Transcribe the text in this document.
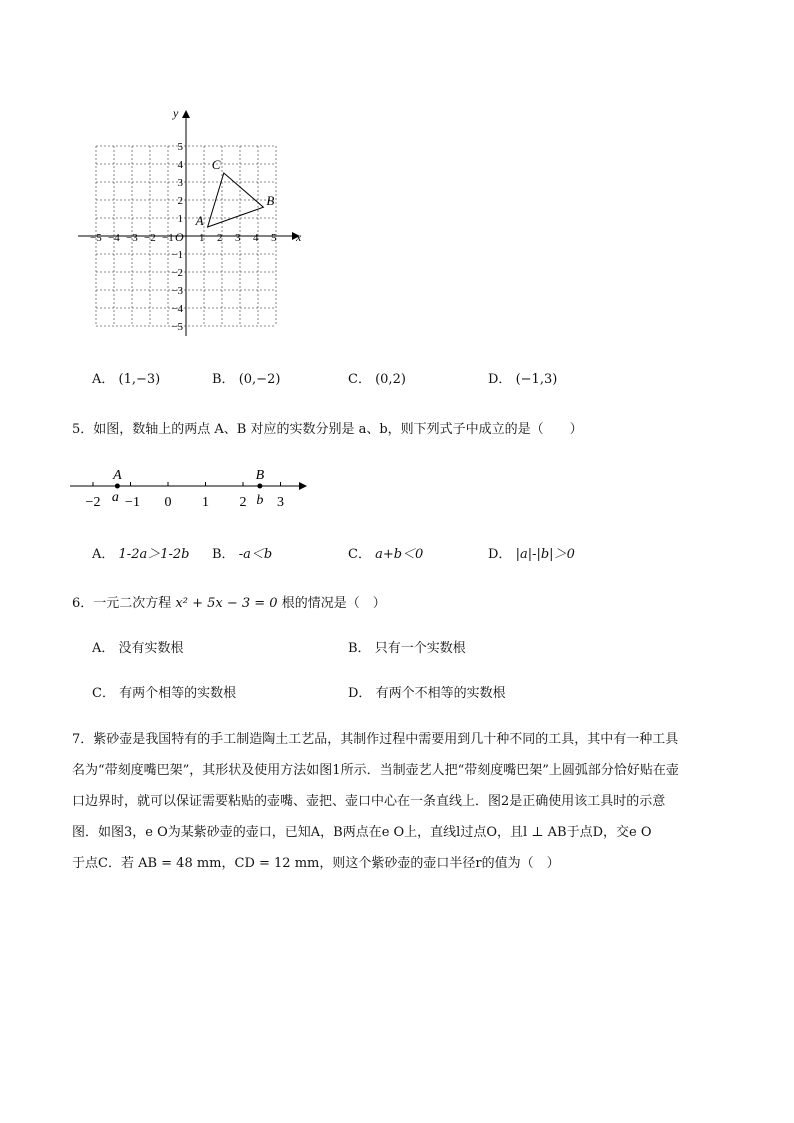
x
y
O
−5 −4 −3 −2 −1 1 2 3 4 5
5
4
3
2
1
−1
−2
−3
−4
−5
A
B
C
A． (1,−3)	B． (0,−2)	C． (0,2)	D． (−1,3)
5．如图，数轴上的两点 A、B 对应的实数分别是 a、b，则下列式子中成立的是（　　）
−2 −1 0 1 2 3
A
a
B
b
A． 1-2a＞1-2b B． -a＜b	C． a+b＜0	D． |a|-|b|＞0
6．一元二次方程 x² + 5x − 3 = 0 根的情况是（　）
A． 没有实数根	B． 只有一个实数根
C． 有两个相等的实数根	D． 有两个不相等的实数根
7．紫砂壶是我国特有的手工制造陶土工艺品，其制作过程中需要用到几十种不同的工具，其中有一种工具
名为“带刻度嘴巴架”，其形状及使用方法如图1所示．当制壶艺人把“带刻度嘴巴架”上圆弧部分恰好贴在壶
口边界时，就可以保证需要粘贴的壶嘴、壶把、壶口中心在一条直线上．图2是正确使用该工具时的示意
图．如图3，e O为某紫砂壶的壶口，已知A，B两点在e O上，直线l过点O，且l ⊥ AB于点D，交e O
于点C．若 AB = 48 mm，CD = 12 mm，则这个紫砂壶的壶口半径r的值为（　）
